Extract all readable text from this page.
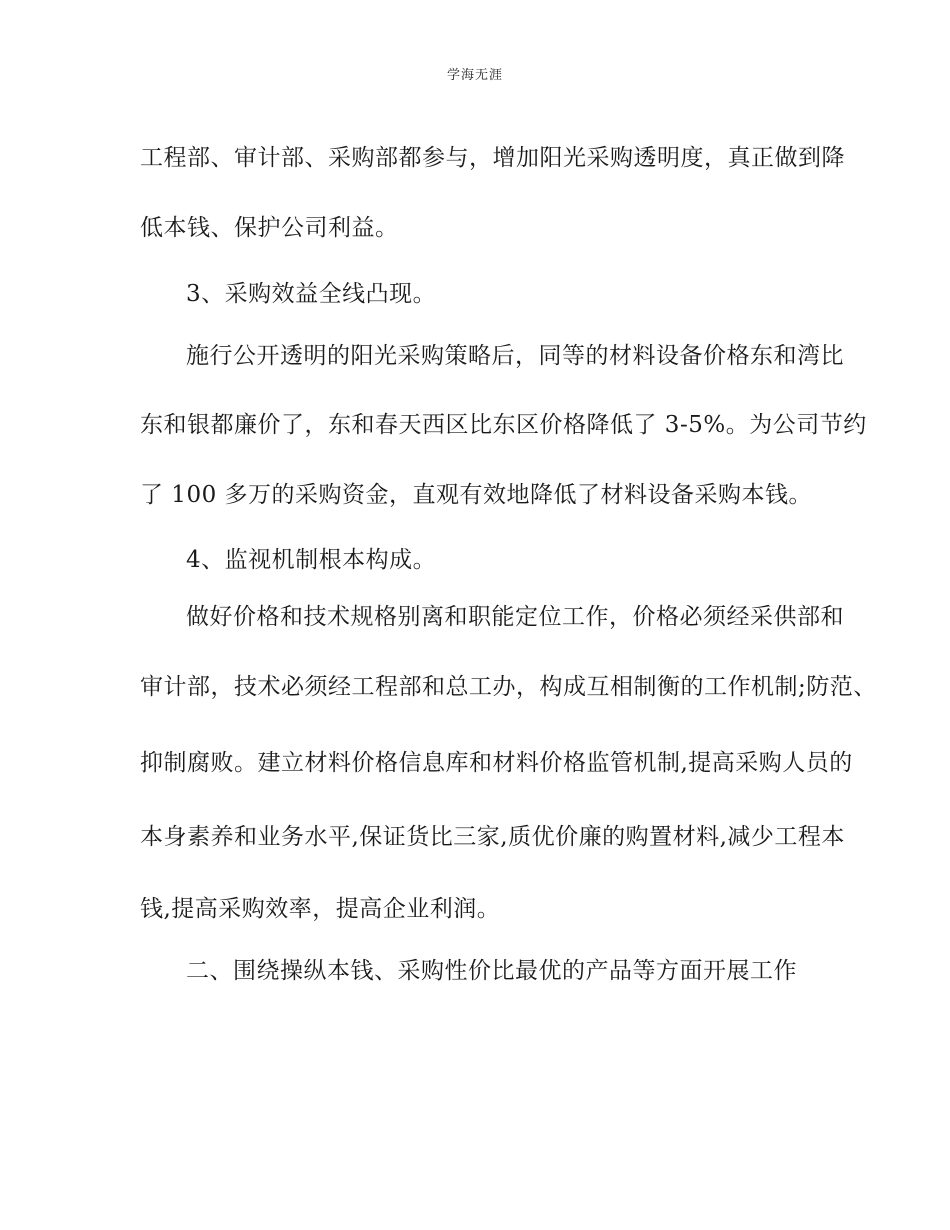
学海无涯
工程部、审计部、采购部都参与，增加阳光采购透明度，真正做到降
低本钱、保护公司利益。
3、采购效益全线凸现。
施行公开透明的阳光采购策略后，同等的材料设备价格东和湾比
东和银都廉价了，东和春天西区比东区价格降低了 3-5%。为公司节约
了 100 多万的采购资金，直观有效地降低了材料设备采购本钱。
4、监视机制根本构成。
做好价格和技术规格别离和职能定位工作，价格必须经采供部和
审计部，技术必须经工程部和总工办，构成互相制衡的工作机制;防范、
抑制腐败。建立材料价格信息库和材料价格监管机制,提高采购人员的
本身素养和业务水平,保证货比三家,质优价廉的购置材料,减少工程本
钱,提高采购效率，提高企业利润。
二、围绕操纵本钱、采购性价比最优的产品等方面开展工作
